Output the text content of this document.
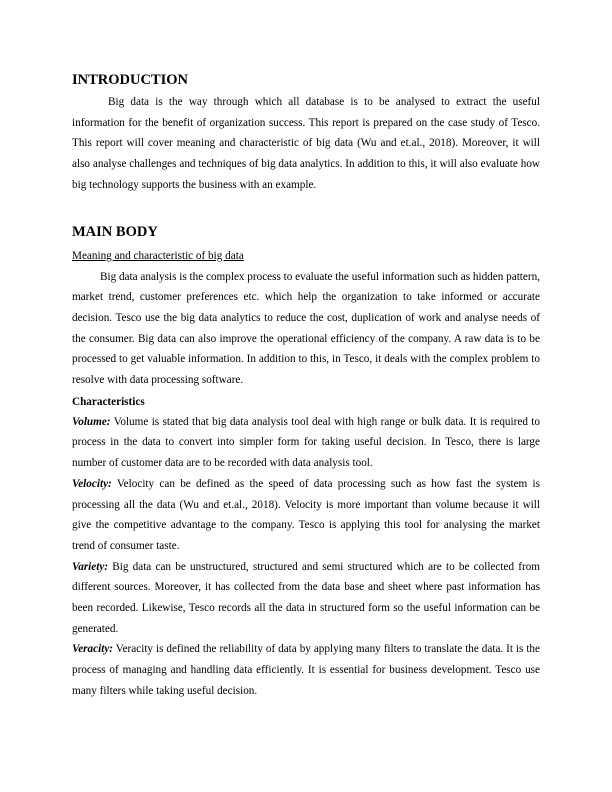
INTRODUCTION

Big data is the way through which all database is to be analysed to extract the useful information for the benefit of organization success. This report is prepared on the case study of Tesco. This report will cover meaning and characteristic of big data (Wu and et.al., 2018). Moreover, it will also analyse challenges and techniques of big data analytics. In addition to this, it will also evaluate how big technology supports the business with an example.

MAIN BODY

Meaning and characteristic of big data

Big data analysis is the complex process to evaluate the useful information such as hidden pattern, market trend, customer preferences etc. which help the organization to take informed or accurate decision. Tesco use the big data analytics to reduce the cost, duplication of work and analyse needs of the consumer. Big data can also improve the operational efficiency of the company. A raw data is to be processed to get valuable information. In addition to this, in Tesco, it deals with the complex problem to resolve with data processing software.

Characteristics

Volume: Volume is stated that big data analysis tool deal with high range or bulk data. It is required to process in the data to convert into simpler form for taking useful decision. In Tesco, there is large number of customer data are to be recorded with data analysis tool.

Velocity: Velocity can be defined as the speed of data processing such as how fast the system is processing all the data (Wu and et.al., 2018). Velocity is more important than volume because it will give the competitive advantage to the company. Tesco is applying this tool for analysing the market trend of consumer taste.

Variety: Big data can be unstructured, structured and semi structured which are to be collected from different sources. Moreover, it has collected from the data base and sheet where past information has been recorded. Likewise, Tesco records all the data in structured form so the useful information can be generated.

Veracity: Veracity is defined the reliability of data by applying many filters to translate the data. It is the process of managing and handling data efficiently. It is essential for business development. Tesco use many filters while taking useful decision.
